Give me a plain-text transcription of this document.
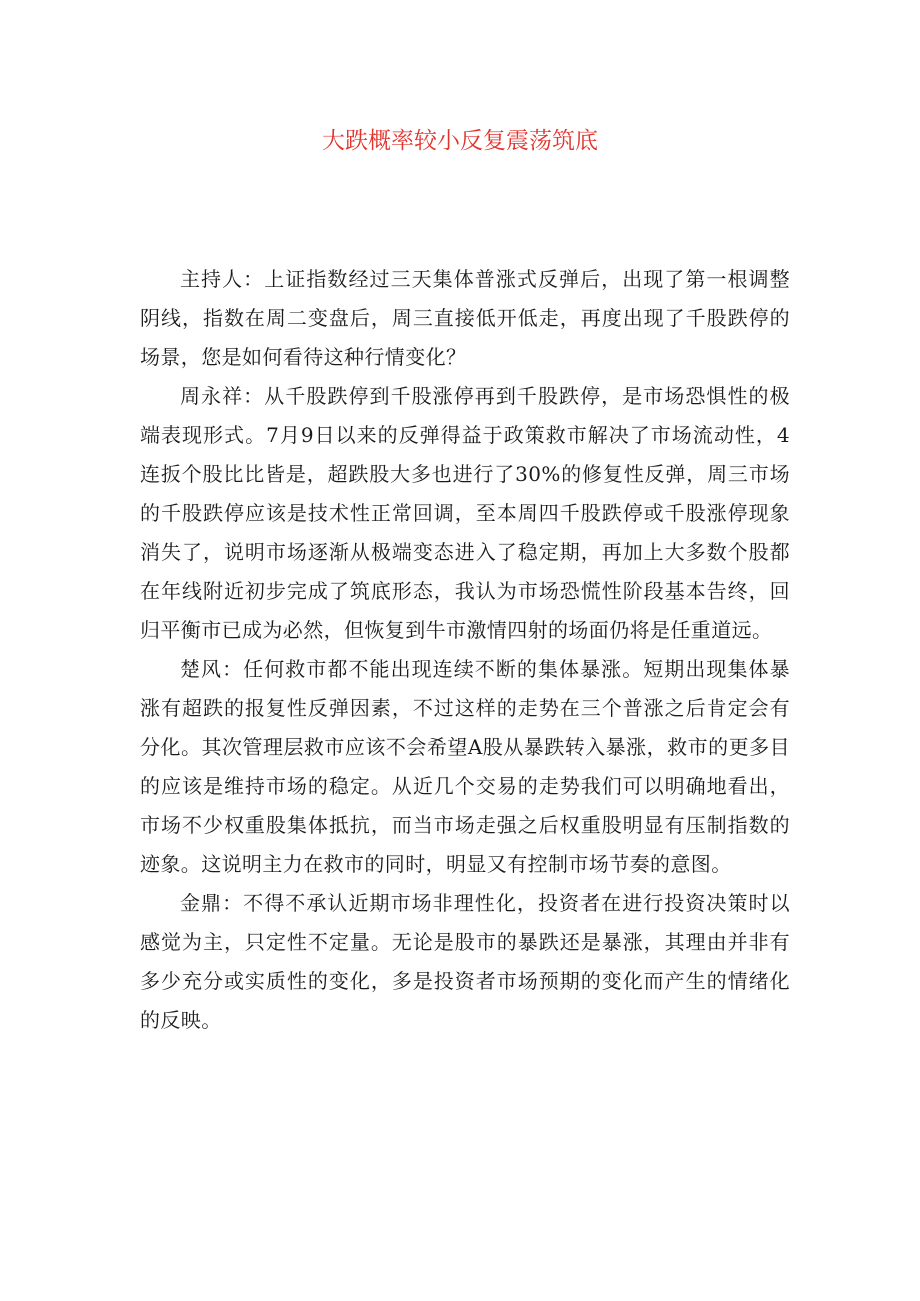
大跌概率较小反复震荡筑底

主持人：上证指数经过三天集体普涨式反弹后，出现了第一根调整阴线，指数在周二变盘后，周三直接低开低走，再度出现了千股跌停的场景，您是如何看待这种行情变化？

周永祥：从千股跌停到千股涨停再到千股跌停，是市场恐惧性的极端表现形式。7月9日以来的反弹得益于政策救市解决了市场流动性，4连扳个股比比皆是，超跌股大多也进行了30%的修复性反弹，周三市场的千股跌停应该是技术性正常回调，至本周四千股跌停或千股涨停现象消失了，说明市场逐渐从极端变态进入了稳定期，再加上大多数个股都在年线附近初步完成了筑底形态，我认为市场恐慌性阶段基本告终，回归平衡市已成为必然，但恢复到牛市激情四射的场面仍将是任重道远。

楚风：任何救市都不能出现连续不断的集体暴涨。短期出现集体暴涨有超跌的报复性反弹因素，不过这样的走势在三个普涨之后肯定会有分化。其次管理层救市应该不会希望A股从暴跌转入暴涨，救市的更多目的应该是维持市场的稳定。从近几个交易的走势我们可以明确地看出，市场不少权重股集体抵抗，而当市场走强之后权重股明显有压制指数的迹象。这说明主力在救市的同时，明显又有控制市场节奏的意图。

金鼎：不得不承认近期市场非理性化，投资者在进行投资决策时以感觉为主，只定性不定量。无论是股市的暴跌还是暴涨，其理由并非有多少充分或实质性的变化，多是投资者市场预期的变化而产生的情绪化的反映。
